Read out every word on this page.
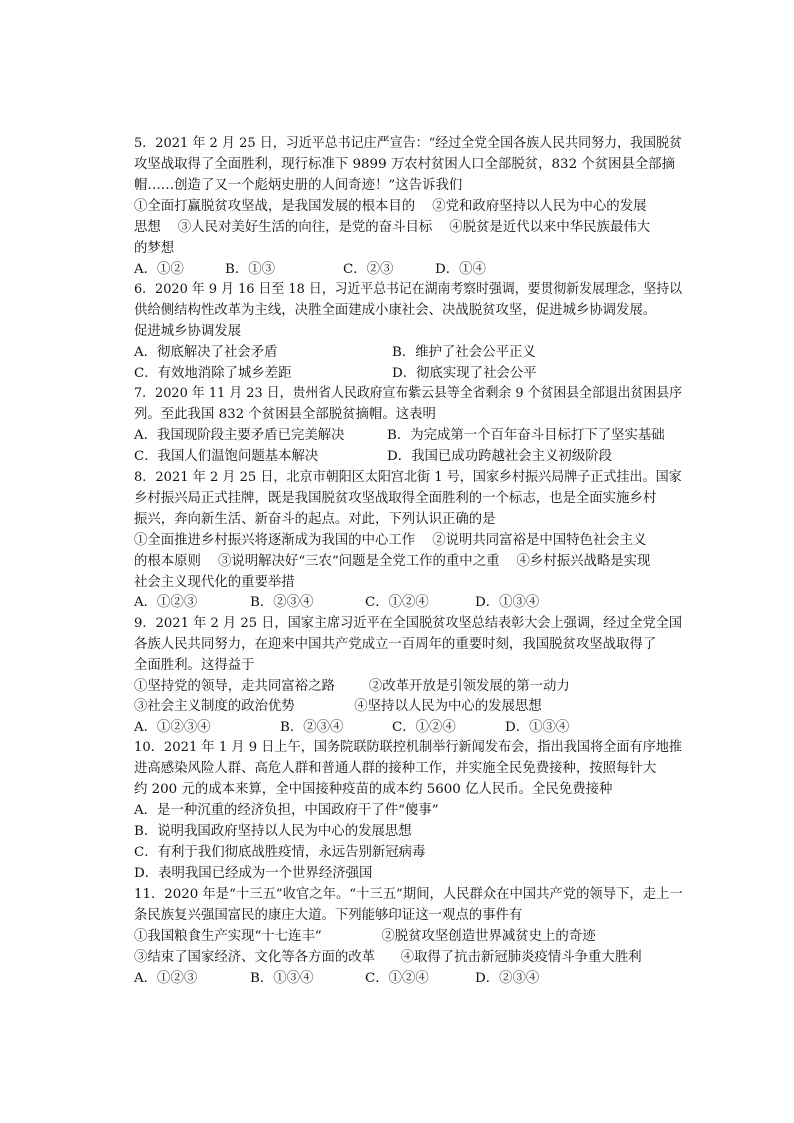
5．2021 年 2 月 25 日，习近平总书记庄严宣告：“经过全党全国各族人民共同努力，我国脱贫
攻坚战取得了全面胜利，现行标准下 9899 万农村贫困人口全部脱贫，832 个贫困县全部摘
帽……创造了又一个彪炳史册的人间奇迹！”这告诉我们
①全面打赢脱贫攻坚战，是我国发展的根本目的    ②党和政府坚持以人民为中心的发展
思想    ③人民对美好生活的向往，是党的奋斗目标    ④脱贫是近代以来中华民族最伟大
的梦想
A．①②	B．①③	C．②③	D．①④
6．2020 年 9 月 16 日至 18 日，习近平总书记在湖南考察时强调，要贯彻新发展理念，坚持以
供给侧结构性改革为主线，决胜全面建成小康社会、决战脱贫攻坚，促进城乡协调发展。
促进城乡协调发展
A．彻底解决了社会矛盾	B．维护了社会公平正义
C．有效地消除了城乡差距	D．彻底实现了社会公平
7．2020 年 11 月 23 日，贵州省人民政府宣布紫云县等全省剩余 9 个贫困县全部退出贫困县序
列。至此我国 832 个贫困县全部脱贫摘帽。这表明
A．我国现阶段主要矛盾已完美解决	B．为完成第一个百年奋斗目标打下了坚实基础
C．我国人们温饱问题基本解决	D．我国已成功跨越社会主义初级阶段
8．2021 年 2 月 25 日，北京市朝阳区太阳宫北街 1 号，国家乡村振兴局牌子正式挂出。国家
乡村振兴局正式挂牌，既是我国脱贫攻坚战取得全面胜利的一个标志，也是全面实施乡村
振兴，奔向新生活、新奋斗的起点。对此，下列认识正确的是
①全面推进乡村振兴将逐渐成为我国的中心工作    ②说明共同富裕是中国特色社会主义
的根本原则    ③说明解决好“三农”问题是全党工作的重中之重    ④乡村振兴战略是实现
社会主义现代化的重要举措
A．①②③	B．②③④	C．①②④	D．①③④
9．2021 年 2 月 25 日，国家主席习近平在全国脱贫攻坚总结表彰大会上强调，经过全党全国
各族人民共同努力，在迎来中国共产党成立一百周年的重要时刻，我国脱贫攻坚战取得了
全面胜利。这得益于
①坚持党的领导，走共同富裕之路        ②改革开放是引领发展的第一动力
③社会主义制度的政治优势              ④坚持以人民为中心的发展思想
A．①②③④	B．②③④	C．①②④	D．①③④
10．2021 年 1 月 9 日上午，国务院联防联控机制举行新闻发布会，指出我国将全面有序地推
进高感染风险人群、高危人群和普通人群的接种工作，并实施全民免费接种，按照每针大
约 200 元的成本来算，全中国接种疫苗的成本约 5600 亿人民币。全民免费接种
A．是一种沉重的经济负担，中国政府干了件“傻事”
B．说明我国政府坚持以人民为中心的发展思想
C．有利于我们彻底战胜疫情，永远告别新冠病毒
D．表明我国已经成为一个世界经济强国
11．2020 年是“十三五”收官之年。“十三五”期间，人民群众在中国共产党的领导下，走上一
条民族复兴强国富民的康庄大道。下列能够印证这一观点的事件有
①我国粮食生产实现“十七连丰”              ②脱贫攻坚创造世界减贫史上的奇迹
③结束了国家经济、文化等各方面的改革      ④取得了抗击新冠肺炎疫情斗争重大胜利
A．①②③	B．①③④	C．①②④	D．②③④
